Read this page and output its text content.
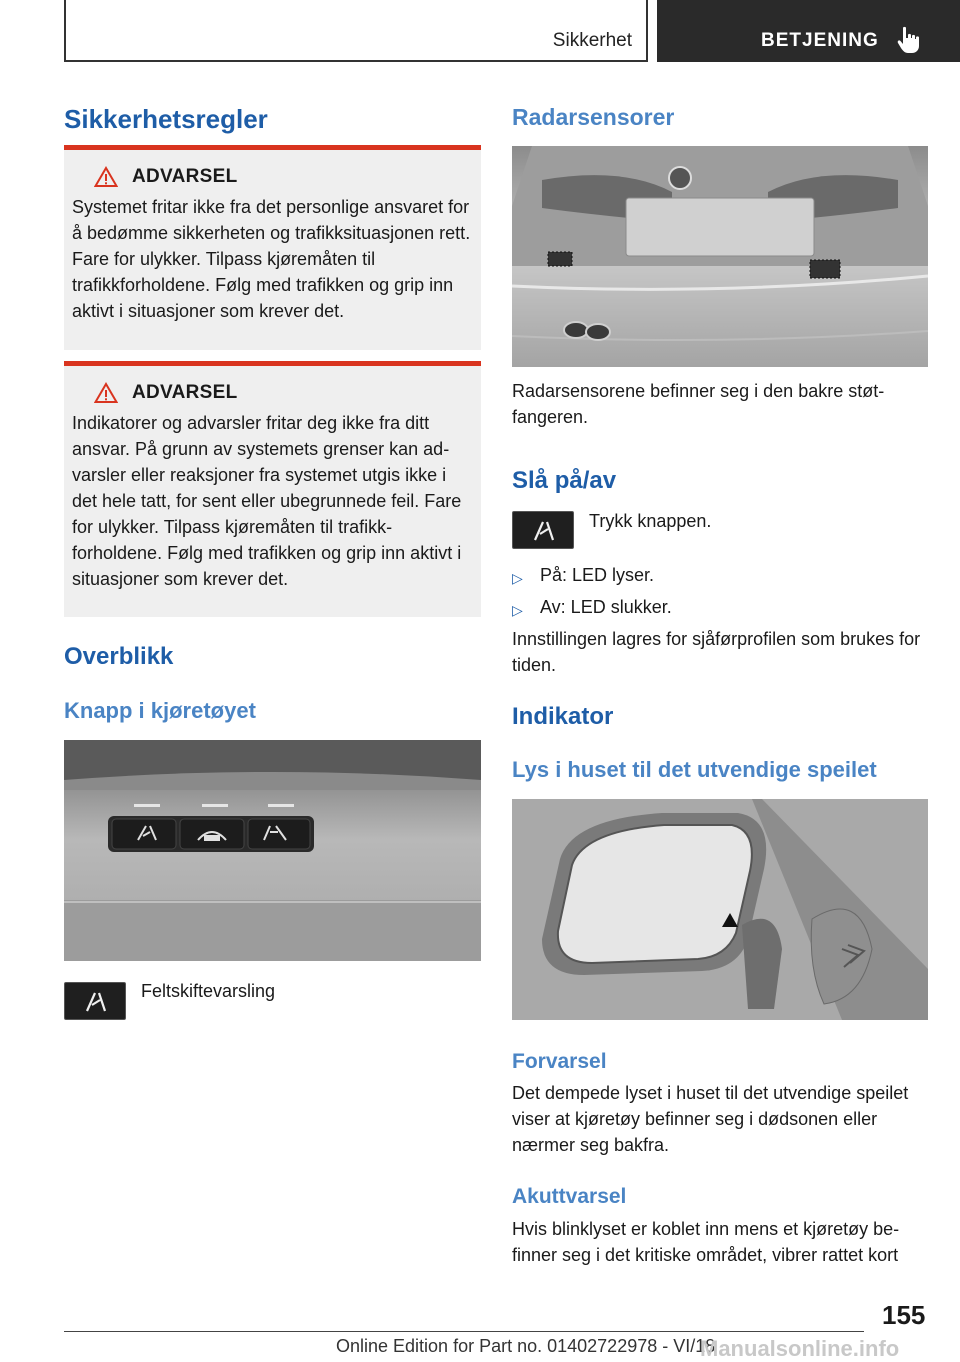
Sikkerhet	BETJENING
Sikkerhetsregler
ADVARSEL
Systemet fritar ikke fra det personlige ansvaret for å bedømme sikkerheten og trafikksituasjonen rett. Fare for ulykker. Tilpass kjøremåten til trafikkforholdene. Følg med trafikken og grip inn aktivt i situasjoner som krever det.
ADVARSEL
Indikatorer og advarsler fritar deg ikke fra ditt ansvar. På grunn av systemets grenser kan advarsler eller reaksjoner fra systemet utgis ikke i det hele tatt, for sent eller ubegrunnede feil. Fare for ulykker. Tilpass kjøremåten til trafikkforholdene. Følg med trafikken og grip inn aktivt i situasjoner som krever det.
Overblikk
Knapp i kjøretøyet
Feltskiftevarsling
Radarsensorer
Radarsensorene befinner seg i den bakre støtfangeren.
Slå på/av
Trykk knappen.
▷ På: LED lyser.
▷ Av: LED slukker.
Innstillingen lagres for sjåførprofilen som brukes for tiden.
Indikator
Lys i huset til det utvendige speilet
Forvarsel
Det dempede lyset i huset til det utvendige speilet viser at kjøretøy befinner seg i dødsonen eller nærmer seg bakfra.
Akuttvarsel
Hvis blinklyset er koblet inn mens et kjøretøy befinner seg i det kritiske området, vibrer rattet kort
155
Online Edition for Part no. 01402722978 - VI/18
Manualsonline.info
